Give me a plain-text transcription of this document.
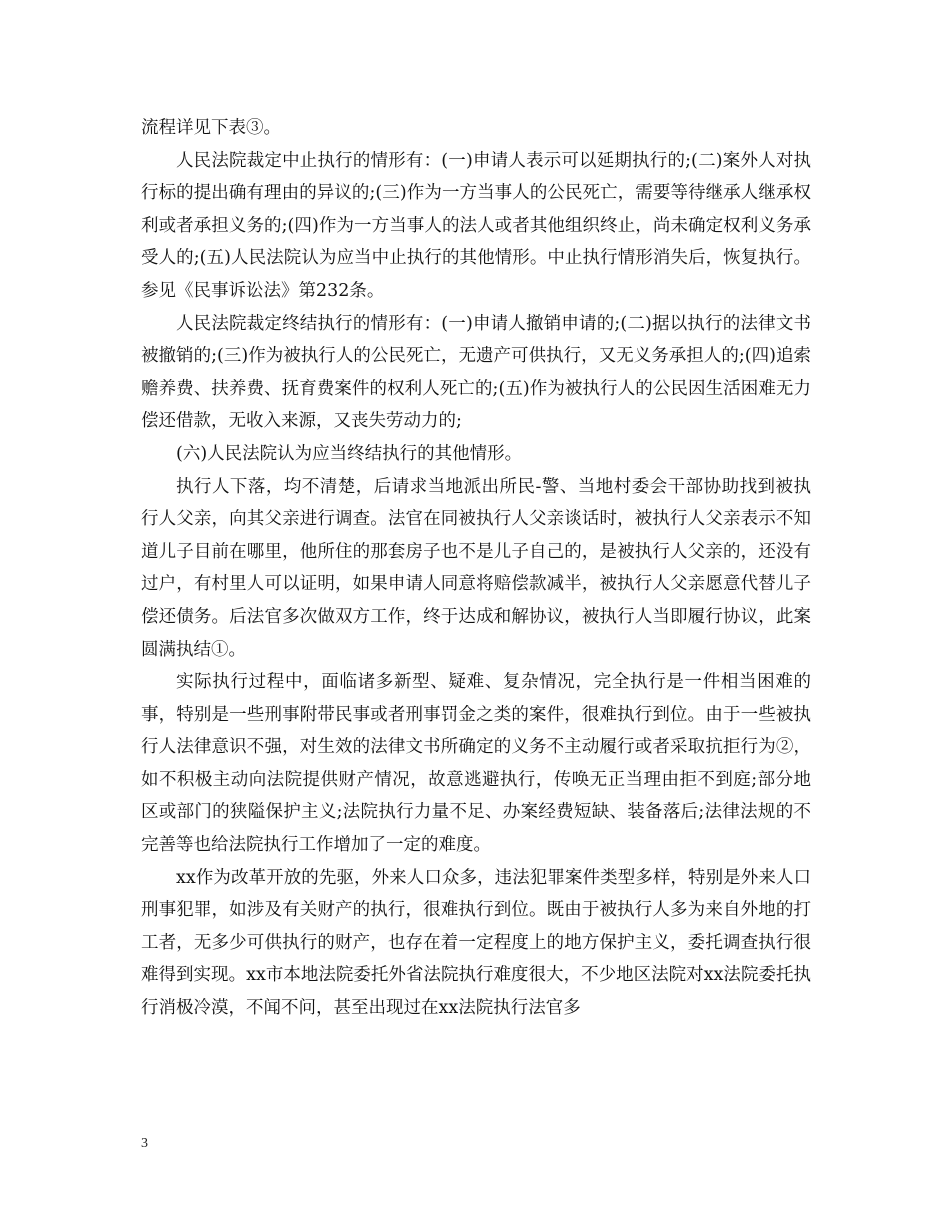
流程详见下表③。

人民法院裁定中止执行的情形有：(一)申请人表示可以延期执行的;(二)案外人对执行标的提出确有理由的异议的;(三)作为一方当事人的公民死亡，需要等待继承人继承权利或者承担义务的;(四)作为一方当事人的法人或者其他组织终止，尚未确定权利义务承受人的;(五)人民法院认为应当中止执行的其他情形。中止执行情形消失后，恢复执行。参见《民事诉讼法》第232条。

人民法院裁定终结执行的情形有：(一)申请人撤销申请的;(二)据以执行的法律文书被撤销的;(三)作为被执行人的公民死亡，无遗产可供执行，又无义务承担人的;(四)追索赡养费、扶养费、抚育费案件的权利人死亡的;(五)作为被执行人的公民因生活困难无力偿还借款，无收入来源，又丧失劳动力的;

(六)人民法院认为应当终结执行的其他情形。

执行人下落，均不清楚，后请求当地派出所民-警、当地村委会干部协助找到被执行人父亲，向其父亲进行调查。法官在同被执行人父亲谈话时，被执行人父亲表示不知道儿子目前在哪里，他所住的那套房子也不是儿子自己的，是被执行人父亲的，还没有过户，有村里人可以证明，如果申请人同意将赔偿款减半，被执行人父亲愿意代替儿子偿还债务。后法官多次做双方工作，终于达成和解协议，被执行人当即履行协议，此案圆满执结①。

实际执行过程中，面临诸多新型、疑难、复杂情况，完全执行是一件相当困难的事，特别是一些刑事附带民事或者刑事罚金之类的案件，很难执行到位。由于一些被执行人法律意识不强，对生效的法律文书所确定的义务不主动履行或者采取抗拒行为②，如不积极主动向法院提供财产情况，故意逃避执行，传唤无正当理由拒不到庭;部分地区或部门的狭隘保护主义;法院执行力量不足、办案经费短缺、装备落后;法律法规的不完善等也给法院执行工作增加了一定的难度。

xx作为改革开放的先驱，外来人口众多，违法犯罪案件类型多样，特别是外来人口刑事犯罪，如涉及有关财产的执行，很难执行到位。既由于被执行人多为来自外地的打工者，无多少可供执行的财产，也存在着一定程度上的地方保护主义，委托调查执行很难得到实现。xx市本地法院委托外省法院执行难度很大，不少地区法院对xx法院委托执行消极冷漠，不闻不问，甚至出现过在xx法院执行法官多

3
